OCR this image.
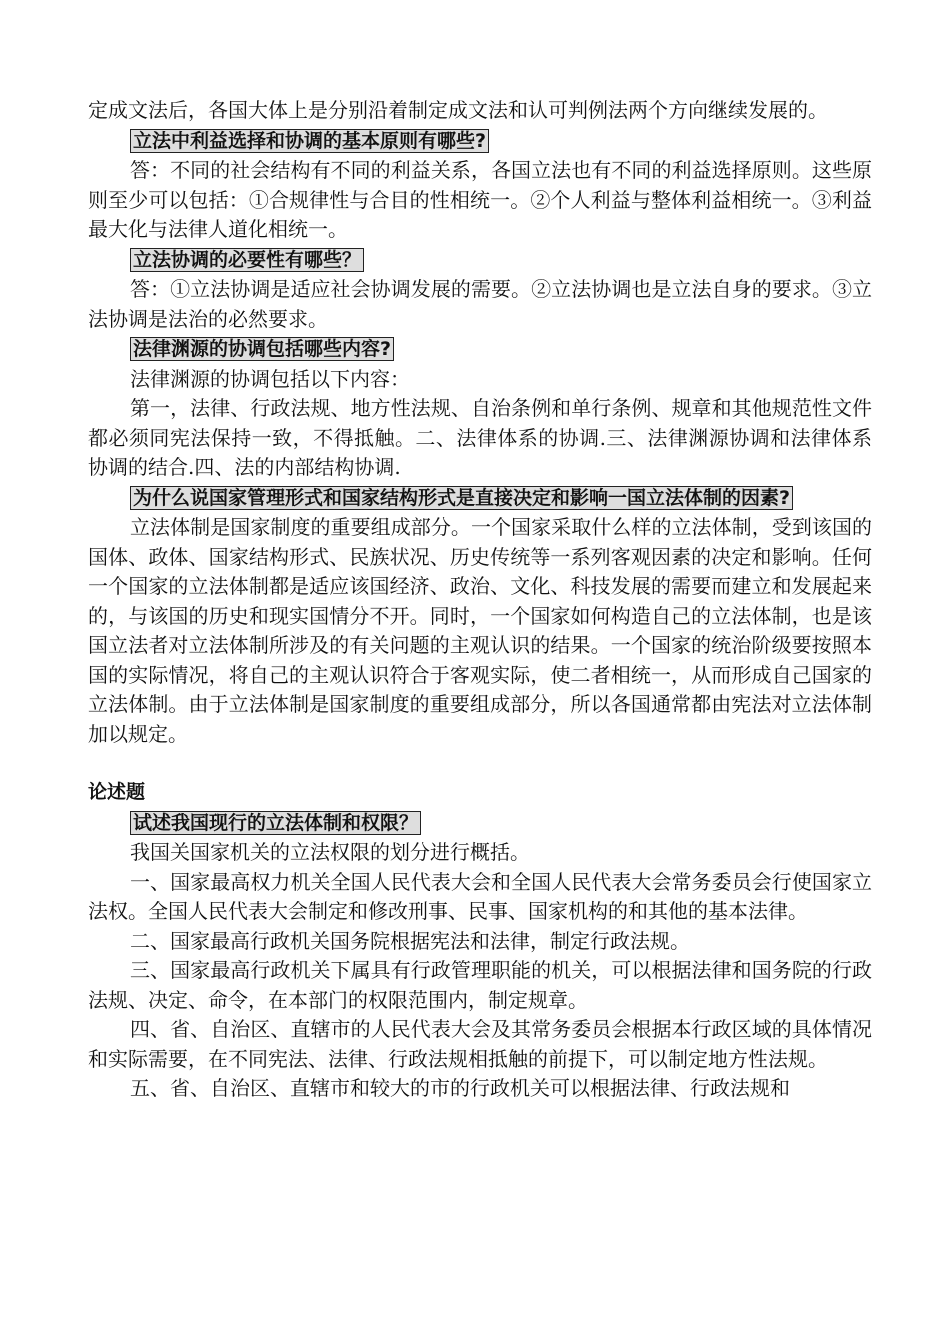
定成文法后，各国大体上是分别沿着制定成文法和认可判例法两个方向继续发展的。

立法中利益选择和协调的基本原则有哪些?

答：不同的社会结构有不同的利益关系，各国立法也有不同的利益选择原则。这些原则至少可以包括：①合规律性与合目的性相统一。②个人利益与整体利益相统一。③利益最大化与法律人道化相统一。

立法协调的必要性有哪些？

答：①立法协调是适应社会协调发展的需要。②立法协调也是立法自身的要求。③立法协调是法治的必然要求。

法律渊源的协调包括哪些内容?

法律渊源的协调包括以下内容：

第一，法律、行政法规、地方性法规、自治条例和单行条例、规章和其他规范性文件都必须同宪法保持一致，不得抵触。二、法律体系的协调.三、法律渊源协调和法律体系协调的结合.四、法的内部结构协调.

为什么说国家管理形式和国家结构形式是直接决定和影响一国立法体制的因素?

立法体制是国家制度的重要组成部分。一个国家采取什么样的立法体制，受到该国的国体、政体、国家结构形式、民族状况、历史传统等一系列客观因素的决定和影响。任何一个国家的立法体制都是适应该国经济、政治、文化、科技发展的需要而建立和发展起来的，与该国的历史和现实国情分不开。同时，一个国家如何构造自己的立法体制，也是该国立法者对立法体制所涉及的有关问题的主观认识的结果。一个国家的统治阶级要按照本国的实际情况，将自己的主观认识符合于客观实际，使二者相统一，从而形成自己国家的立法体制。由于立法体制是国家制度的重要组成部分，所以各国通常都由宪法对立法体制加以规定。

论述题

试述我国现行的立法体制和权限？

我国关国家机关的立法权限的划分进行概括。

一、国家最高权力机关全国人民代表大会和全国人民代表大会常务委员会行使国家立法权。全国人民代表大会制定和修改刑事、民事、国家机构的和其他的基本法律。

二、国家最高行政机关国务院根据宪法和法律，制定行政法规。

三、国家最高行政机关下属具有行政管理职能的机关，可以根据法律和国务院的行政法规、决定、命令，在本部门的权限范围内，制定规章。

四、省、自治区、直辖市的人民代表大会及其常务委员会根据本行政区域的具体情况和实际需要，在不同宪法、法律、行政法规相抵触的前提下，可以制定地方性法规。

五、省、自治区、直辖市和较大的市的行政机关可以根据法律、行政法规和
